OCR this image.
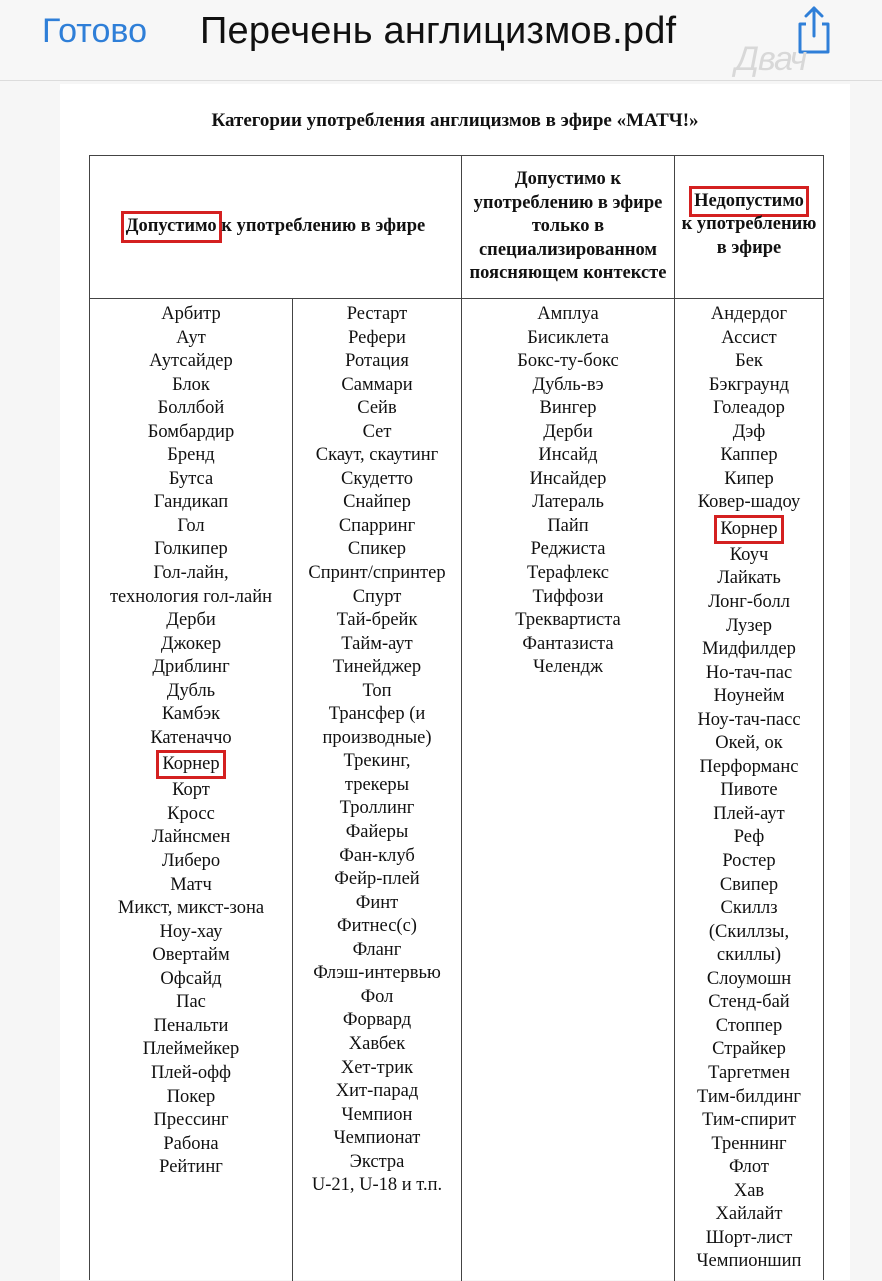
Готово Перечень англицизмов.pdf
Двач
Категории употребления англицизмов в эфире «МАТЧ!»
Допустимо к употреблению в эфире
Допустимо к употреблению в эфире только в специализированном поясняющем контексте
Недопустимо
к употреблению в эфире
Арбитр
Аут
Аутсайдер
Блок
Боллбой
Бомбардир
Бренд
Бутса
Гандикап
Гол
Голкипер
Гол-лайн,
технология гол-лайн
Дерби
Джокер
Дриблинг
Дубль
Камбэк
Катеначчо
Корнер
Корт
Кросс
Лайнсмен
Либеро
Матч
Микст, микст-зона
Ноу-хау
Овертайм
Офсайд
Пас
Пенальти
Плеймейкер
Плей-офф
Покер
Прессинг
Рабона
Рейтинг
Рестарт
Рефери
Ротация
Саммари
Сейв
Сет
Скаут, скаутинг
Скудетто
Снайпер
Спарринг
Спикер
Спринт/спринтер
Спурт
Тай-брейк
Тайм-аут
Тинейджер
Топ
Трансфер (и
производные)
Трекинг,
трекеры
Троллинг
Файеры
Фан-клуб
Фейр-плей
Финт
Фитнес(с)
Фланг
Флэш-интервью
Фол
Форвард
Хавбек
Хет-трик
Хит-парад
Чемпион
Чемпионат
Экстра
U-21, U-18 и т.п.
Амплуа
Бисиклета
Бокс-ту-бокс
Дубль-вэ
Вингер
Дерби
Инсайд
Инсайдер
Латераль
Пайп
Реджиста
Терафлекс
Тиффози
Треквартиста
Фантазиста
Челендж
Андердог
Ассист
Бек
Бэкграунд
Голеадор
Дэф
Каппер
Кипер
Ковер-шадоу
Корнер
Коуч
Лайкать
Лонг-болл
Лузер
Мидфилдер
Но-тач-пас
Ноунейм
Ноу-тач-пасс
Окей, ок
Перформанс
Пивоте
Плей-аут
Реф
Ростер
Свипер
Скиллз
(Скиллзы,
скиллы)
Слоумошн
Стенд-бай
Стоппер
Страйкер
Таргетмен
Тим-билдинг
Тим-спирит
Треннинг
Флот
Хав
Хайлайт
Шорт-лист
Чемпионшип
